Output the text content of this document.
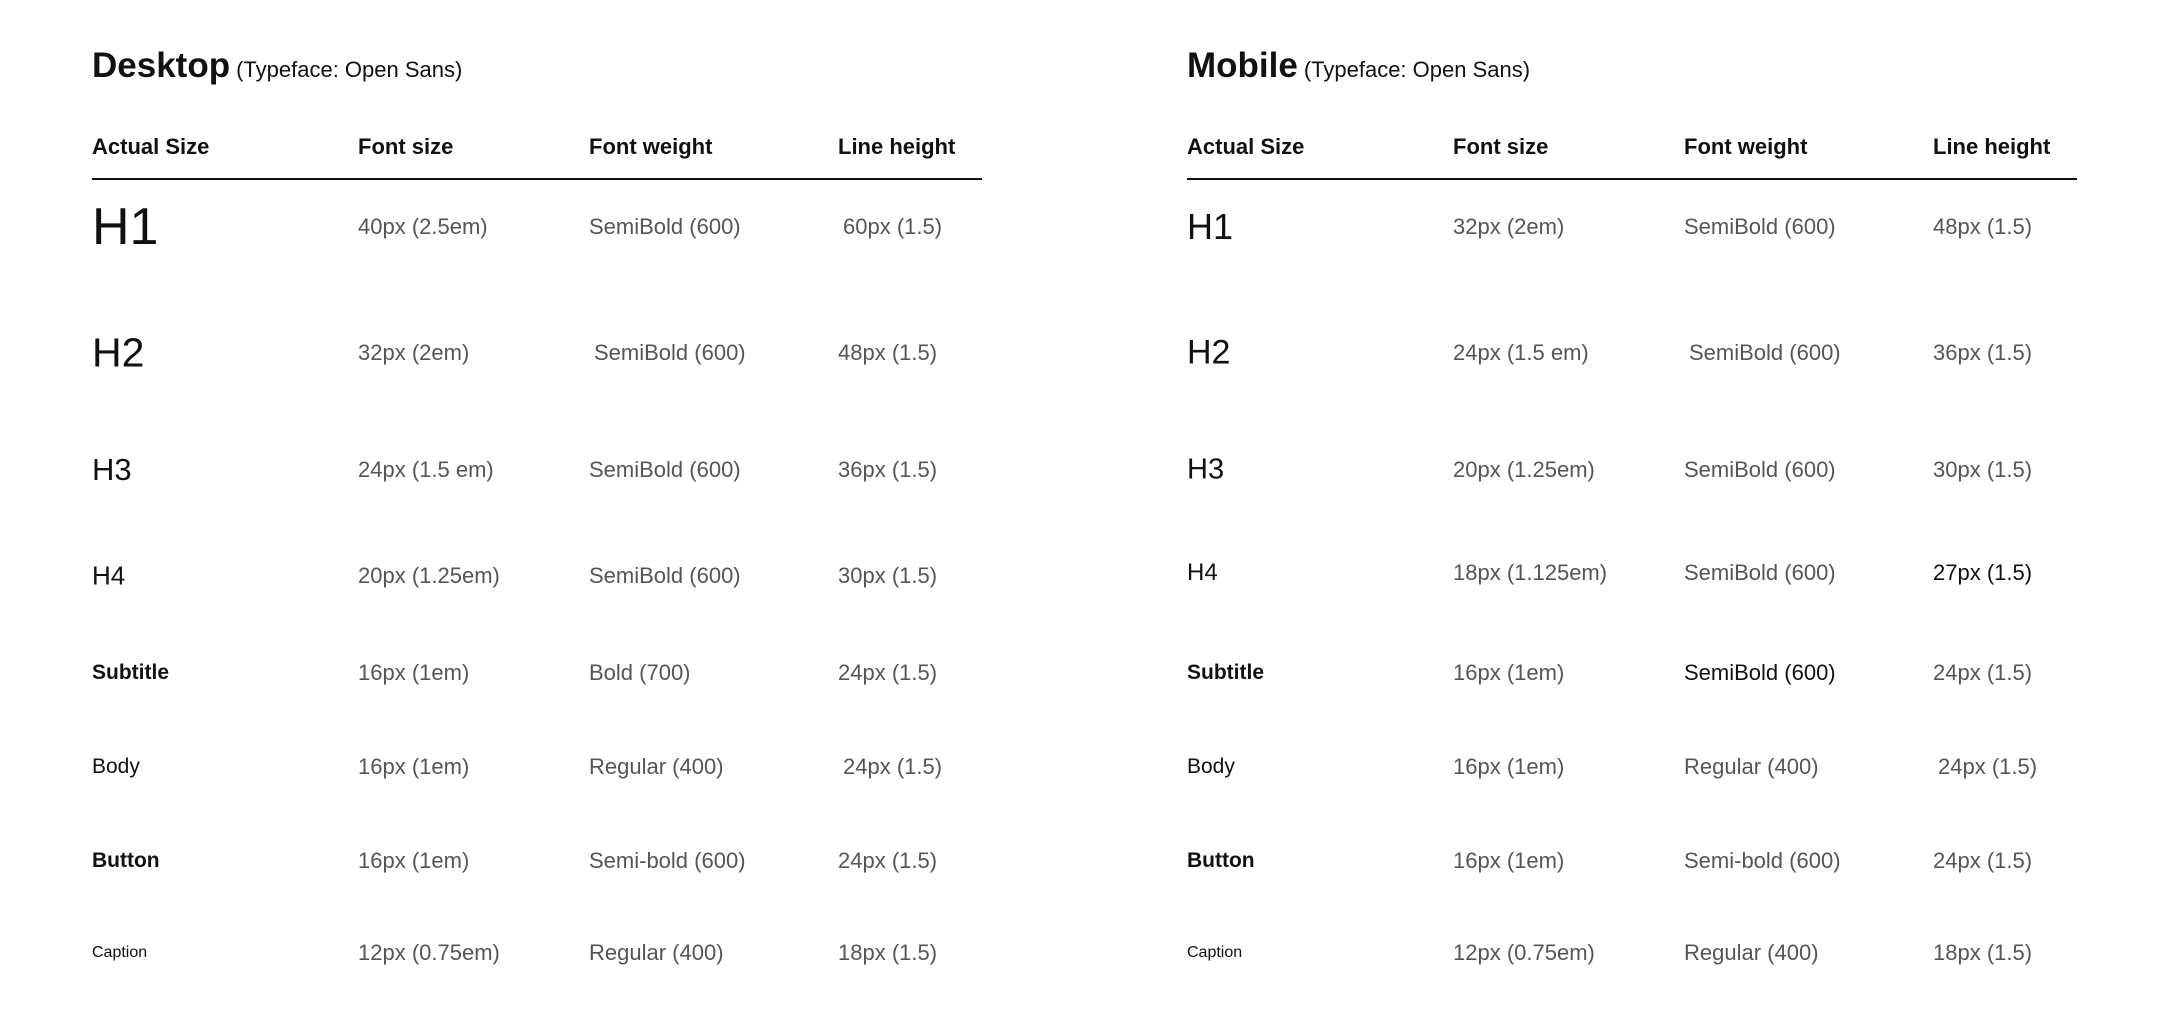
Desktop (Typeface: Open Sans)
Actual Size	Font size	Font weight	Line height
H1	40px (2.5em)	SemiBold (600)	60px (1.5)
H2	32px (2em)	SemiBold (600)	48px (1.5)
H3	24px (1.5 em)	SemiBold (600)	36px (1.5)
H4	20px (1.25em)	SemiBold (600)	30px (1.5)
Subtitle	16px (1em)	Bold (700)	24px (1.5)
Body	16px (1em)	Regular (400)	24px (1.5)
Button	16px (1em)	Semi-bold (600)	24px (1.5)
Caption	12px (0.75em)	Regular (400)	18px (1.5)
Mobile (Typeface: Open Sans)
Actual Size	Font size	Font weight	Line height
H1	32px (2em)	SemiBold (600)	48px (1.5)
H2	24px (1.5 em)	SemiBold (600)	36px (1.5)
H3	20px (1.25em)	SemiBold (600)	30px (1.5)
H4	18px (1.125em)	SemiBold (600)	27px (1.5)
Subtitle	16px (1em)	SemiBold (600)	24px (1.5)
Body	16px (1em)	Regular (400)	24px (1.5)
Button	16px (1em)	Semi-bold (600)	24px (1.5)
Caption	12px (0.75em)	Regular (400)	18px (1.5)
